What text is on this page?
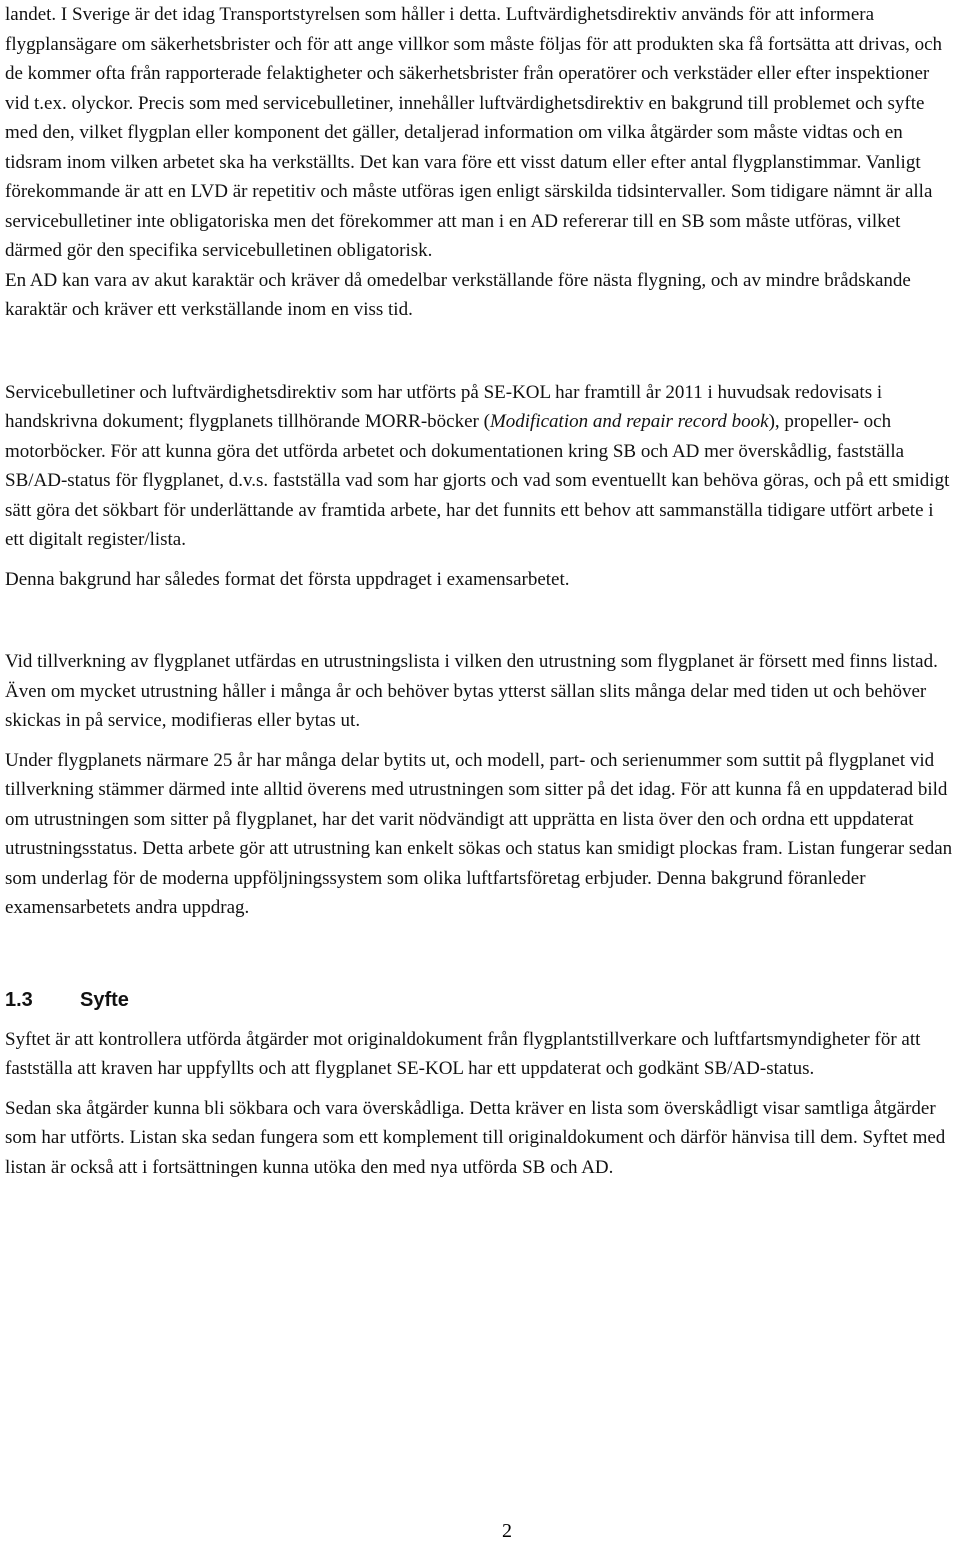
landet. I Sverige är det idag Transportstyrelsen som håller i detta. Luftvärdighetsdirektiv används för att informera flygplansägare om säkerhetsbrister och för att ange villkor som måste följas för att produkten ska få fortsätta att drivas, och de kommer ofta från rapporterade felaktigheter och säkerhetsbrister från operatörer och verkstäder eller efter inspektioner vid t.ex. olyckor. Precis som med servicebulletiner, innehåller luftvärdighetsdirektiv en bakgrund till problemet och syfte med den, vilket flygplan eller komponent det gäller, detaljerad information om vilka åtgärder som måste vidtas och en tidsram inom vilken arbetet ska ha verkställts. Det kan vara före ett visst datum eller efter antal flygplanstimmar. Vanligt förekommande är att en LVD är repetitiv och måste utföras igen enligt särskilda tidsintervaller. Som tidigare nämnt är alla servicebulletiner inte obligatoriska men det förekommer att man i en AD refererar till en SB som måste utföras, vilket därmed gör den specifika servicebulletinen obligatorisk.

En AD kan vara av akut karaktär och kräver då omedelbar verkställande före nästa flygning, och av mindre brådskande karaktär och kräver ett verkställande inom en viss tid.

Servicebulletiner och luftvärdighetsdirektiv som har utförts på SE-KOL har framtill år 2011 i huvudsak redovisats i handskrivna dokument; flygplanets tillhörande MORR-böcker (Modification and repair record book), propeller- och motorböcker. För att kunna göra det utförda arbetet och dokumentationen kring SB och AD mer överskådlig, fastställa SB/AD-status för flygplanet, d.v.s. fastställa vad som har gjorts och vad som eventuellt kan behöva göras, och på ett smidigt sätt göra det sökbart för underlättande av framtida arbete, har det funnits ett behov att sammanställa tidigare utfört arbete i ett digitalt register/lista.

Denna bakgrund har således format det första uppdraget i examensarbetet.

Vid tillverkning av flygplanet utfärdas en utrustningslista i vilken den utrustning som flygplanet är försett med finns listad. Även om mycket utrustning håller i många år och behöver bytas ytterst sällan slits många delar med tiden ut och behöver skickas in på service, modifieras eller bytas ut.

Under flygplanets närmare 25 år har många delar bytits ut, och modell, part- och serienummer som suttit på flygplanet vid tillverkning stämmer därmed inte alltid överens med utrustningen som sitter på det idag. För att kunna få en uppdaterad bild om utrustningen som sitter på flygplanet, har det varit nödvändigt att upprätta en lista över den och ordna ett uppdaterat utrustningsstatus. Detta arbete gör att utrustning kan enkelt sökas och status kan smidigt plockas fram. Listan fungerar sedan som underlag för de moderna uppföljningssystem som olika luftfartsföretag erbjuder. Denna bakgrund föranleder examensarbetets andra uppdrag.

1.3 Syfte

Syftet är att kontrollera utförda åtgärder mot originaldokument från flygplantstillverkare och luftfartsmyndigheter för att fastställa att kraven har uppfyllts och att flygplanet SE-KOL har ett uppdaterat och godkänt SB/AD-status.

Sedan ska åtgärder kunna bli sökbara och vara överskådliga. Detta kräver en lista som överskådligt visar samtliga åtgärder som har utförts. Listan ska sedan fungera som ett komplement till originaldokument och därför hänvisa till dem. Syftet med listan är också att i fortsättningen kunna utöka den med nya utförda SB och AD.

2
